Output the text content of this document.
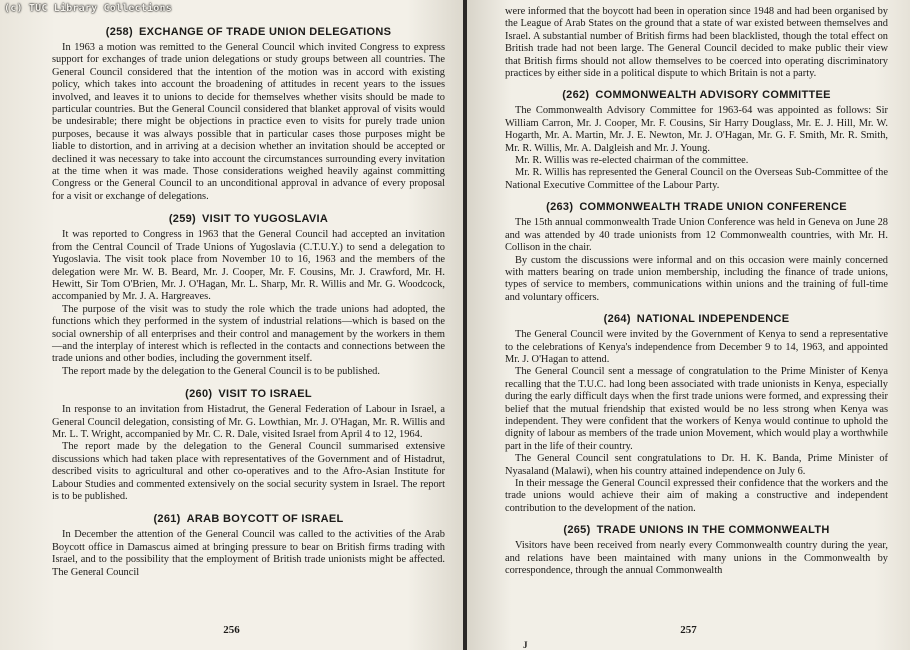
(c) TUC Library Collections
(258) EXCHANGE OF TRADE UNION DELEGATIONS

In 1963 a motion was remitted to the General Council which invited Congress to express support for exchanges of trade union delegations or study groups between all countries. The General Council considered that the intention of the motion was in accord with existing policy, which takes into account the broadening of attitudes in recent years to the issues involved, and leaves it to unions to decide for themselves whether visits should be made to particular countries. But the General Council considered that blanket approval of visits would be undesirable; there might be objections in practice even to visits for purely trade union purposes, because it was always possible that in particular cases those purposes might be liable to distortion, and in arriving at a decision whether an invitation should be accepted or declined it was necessary to take into account the circumstances surrounding every invitation at the time when it was made. Those considerations weighed heavily against committing Congress or the General Council to an unconditional approval in advance of every proposal for a visit or exchange of delegations.

(259) VISIT TO YUGOSLAVIA

It was reported to Congress in 1963 that the General Council had accepted an invitation from the Central Council of Trade Unions of Yugoslavia (C.T.U.Y.) to send a delegation to Yugoslavia. The visit took place from November 10 to 16, 1963 and the members of the delegation were Mr. W. B. Beard, Mr. J. Cooper, Mr. F. Cousins, Mr. J. Crawford, Mr. H. Hewitt, Sir Tom O'Brien, Mr. J. O'Hagan, Mr. L. Sharp, Mr. R. Willis and Mr. G. Woodcock, accompanied by Mr. J. A. Hargreaves.

The purpose of the visit was to study the role which the trade unions had adopted, the functions which they performed in the system of industrial relations—which is based on the social ownership of all enterprises and their control and management by the workers in them—and the interplay of interest which is reflected in the contacts and connections between the trade unions and other bodies, including the government itself.

The report made by the delegation to the General Council is to be published.

(260) VISIT TO ISRAEL

In response to an invitation from Histadrut, the General Federation of Labour in Israel, a General Council delegation, consisting of Mr. G. Lowthian, Mr. J. O'Hagan, Mr. R. Willis and Mr. L. T. Wright, accompanied by Mr. C. R. Dale, visited Israel from April 4 to 12, 1964.

The report made by the delegation to the General Council summarised extensive discussions which had taken place with representatives of the Government and of Histadrut, described visits to agricultural and other co-operatives and to the Afro-Asian Institute for Labour Studies and commented extensively on the social security system in Israel. The report is to be published.

(261) ARAB BOYCOTT OF ISRAEL

In December the attention of the General Council was called to the activities of the Arab Boycott office in Damascus aimed at bringing pressure to bear on British firms trading with Israel, and to the possibility that the employment of British trade unionists might be affected. The General Council

256

were informed that the boycott had been in operation since 1948 and had been organised by the League of Arab States on the ground that a state of war existed between themselves and Israel. A substantial number of British firms had been blacklisted, though the total effect on British trade had not been large. The General Council decided to make public their view that British firms should not allow themselves to be coerced into operating discriminatory practices by either side in a political dispute to which Britain is not a party.

(262) COMMONWEALTH ADVISORY COMMITTEE

The Commonwealth Advisory Committee for 1963-64 was appointed as follows: Sir William Carron, Mr. J. Cooper, Mr. F. Cousins, Sir Harry Douglass, Mr. E. J. Hill, Mr. W. Hogarth, Mr. A. Martin, Mr. J. E. Newton, Mr. J. O'Hagan, Mr. G. F. Smith, Mr. R. Smith, Mr. R. Willis, Mr. A. Dalgleish and Mr. J. Young.

Mr. R. Willis was re-elected chairman of the committee.

Mr. R. Willis has represented the General Council on the Overseas Sub-Committee of the National Executive Committee of the Labour Party.

(263) COMMONWEALTH TRADE UNION CONFERENCE

The 15th annual commonwealth Trade Union Conference was held in Geneva on June 28 and was attended by 40 trade unionists from 12 Commonwealth countries, with Mr. H. Collison in the chair.

By custom the discussions were informal and on this occasion were mainly concerned with matters bearing on trade union membership, including the finance of trade unions, types of service to members, communications within unions and the training of full-time and voluntary officers.

(264) NATIONAL INDEPENDENCE

The General Council were invited by the Government of Kenya to send a representative to the celebrations of Kenya's independence from December 9 to 14, 1963, and appointed Mr. J. O'Hagan to attend.

The General Council sent a message of congratulation to the Prime Minister of Kenya recalling that the T.U.C. had long been associated with trade unionists in Kenya, especially during the early difficult days when the first trade unions were formed, and expressing their belief that the mutual friendship that existed would be no less strong when Kenya was independent. They were confident that the workers of Kenya would continue to uphold the dignity of labour as members of the trade union Movement, which would play a worthwhile part in the life of their country.

The General Council sent congratulations to Dr. H. K. Banda, Prime Minister of Nyasaland (Malawi), when his country attained independence on July 6.

In their message the General Council expressed their confidence that the workers and the trade unions would achieve their aim of making a constructive and independent contribution to the development of the nation.

(265) TRADE UNIONS IN THE COMMONWEALTH

Visitors have been received from nearly every Commonwealth country during the year, and relations have been maintained with many unions in the Commonwealth by correspondence, through the annual Commonwealth

257
J
